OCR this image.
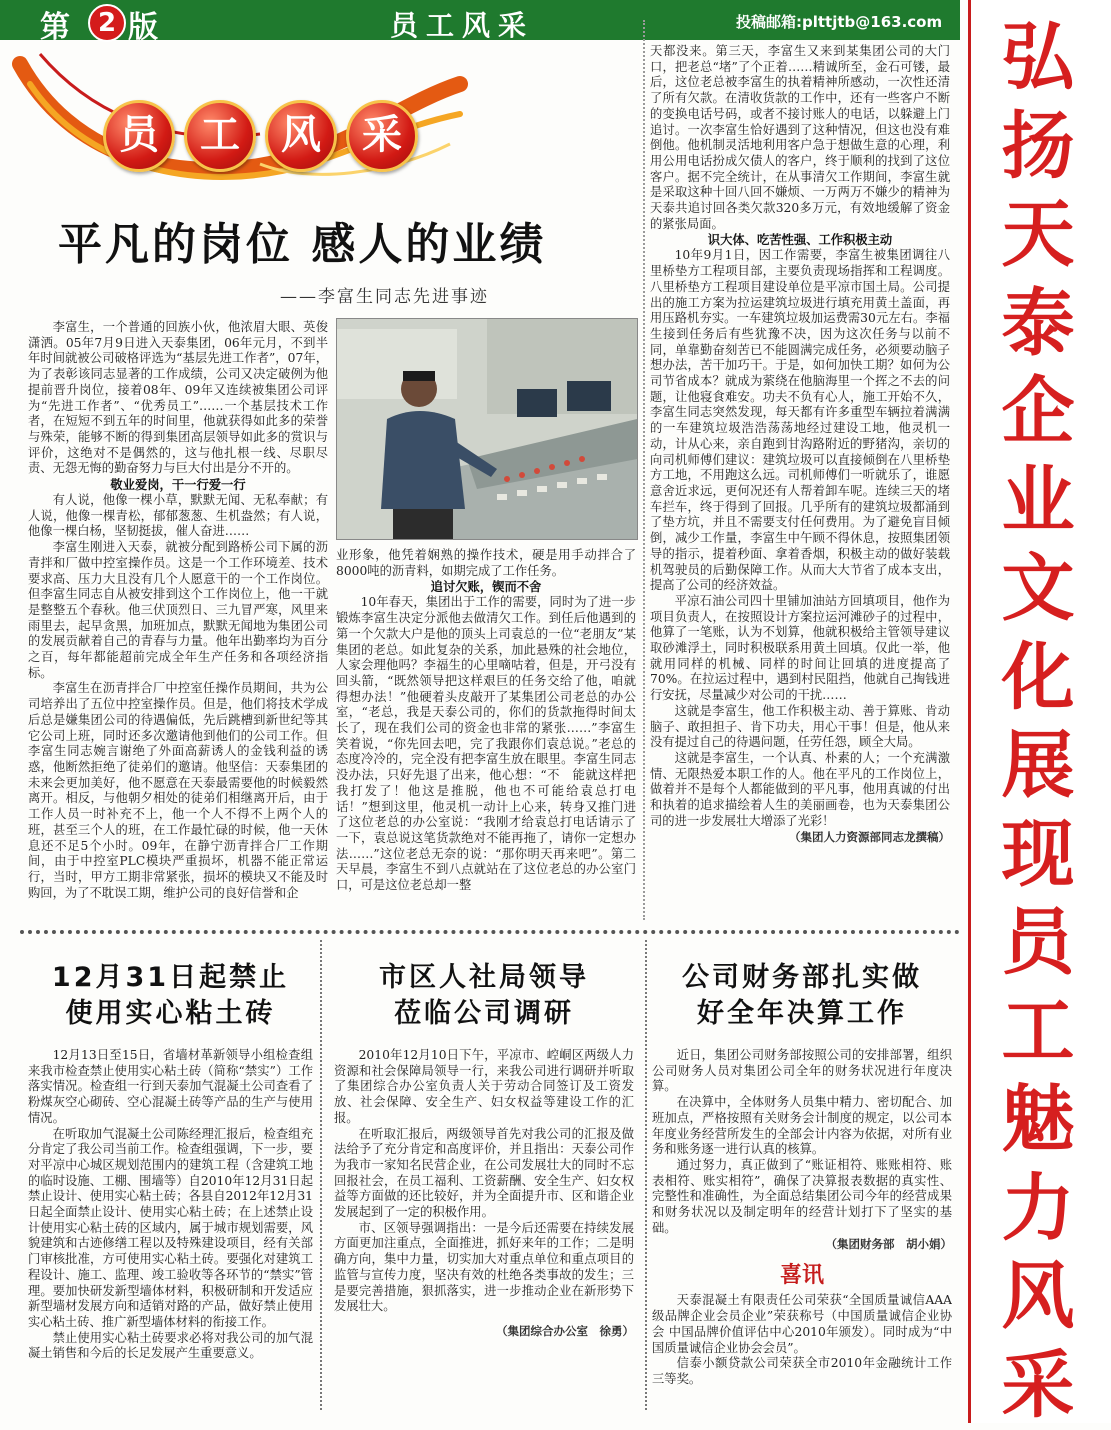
第 2 版	员工风采	投稿邮箱:plttjtb@163.com 弘扬天泰企业文化 展现员工魅力风采
员	工	风	采
平凡的岗位 感人的业绩
——李富生同志先进事迹

李富生，一个普通的回族小伙，他浓眉大眼、英俊潇洒。05年7月9日进入天泰集团，06年元月，不到半年时间就被公司破格评选为“基层先进工作者”，07年，为了表彰该同志显著的工作成绩，公司又决定破例为他提前晋升岗位，接着08年、09年又连续被集团公司评为“先进工作者”、“优秀员工”……一个基层技术工作者，在短短不到五年的时间里，他就获得如此多的荣誉与殊荣，能够不断的得到集团高层领导如此多的赏识与评价，这绝对不是偶然的，这与他扎根一线、尽职尽责、无怨无悔的勤奋努力与巨大付出是分不开的。

敬业爱岗，干一行爱一行

有人说，他像一棵小草，默默无闻、无私奉献；有人说，他像一棵青松，郁郁葱葱、生机盎然；有人说，他像一棵白杨，坚韧挺拔，催人奋进……

李富生刚进入天泰，就被分配到路桥公司下属的沥青拌和厂做中控室操作员。这是一个工作环境差、技术要求高、压力大且没有几个人愿意干的一个工作岗位。但李富生同志自从被安排到这个工作岗位上，他一干就是整整五个春秋。他三伏顶烈日、三九冒严寒，风里来雨里去，起早贪黑，加班加点，默默无闻地为集团公司的发展贡献着自己的青春与力量。他年出勤率均为百分之百，每年都能超前完成全年生产任务和各项经济指标。

李富生在沥青拌合厂中控室任操作员期间，共为公司培养出了五位中控室操作员。但是，他们将技术学成后总是嫌集团公司的待遇偏低，先后跳槽到新世纪等其它公司上班，同时还多次邀请他到他们的公司工作。但李富生同志婉言谢绝了外面高薪诱人的金钱利益的诱惑，他断然拒绝了徒弟们的邀请。他坚信：天泰集团的未来会更加美好，他不愿意在天泰最需要他的时候毅然离开。相反，与他朝夕相处的徒弟们相继离开后，由于工作人员一时补充不上，他一个人不得不上两个人的班，甚至三个人的班，在工作最忙碌的时候，他一天休息还不足5个小时。09年，在静宁沥青拌合厂工作期间，由于中控室PLC模块严重损坏，机器不能正常运行，当时，甲方工期非常紧张，损坏的模块又不能及时购回，为了不耽误工期，维护公司的良好信誉和企

业形象，他凭着娴熟的操作技术，硬是用手动拌合了8000吨的沥青料，如期完成了工作任务。

追讨欠账，锲而不舍

10年春天，集团出于工作的需要，同时为了进一步锻炼李富生决定分派他去做清欠工作。到任后他遇到的第一个欠款大户是他的顶头上司袁总的一位“老朋友”某集团的老总。如此复杂的关系，加此悬殊的社会地位，人家会理他吗？李福生的心里嘀咕着，但是，开弓没有回头箭，“既然领导把这样艰巨的任务交给了他，咱就得想办法！”他硬着头皮敲开了某集团公司老总的办公室，“老总，我是天泰公司的，你们的货款拖得时间太长了，现在我们公司的资金也非常的紧张……”李富生笑着说，“你先回去吧，完了我跟你们袁总说。”老总的态度冷冷的，完全没有把李富生放在眼里。李富生同志没办法，只好先退了出来，他心想：“不　能就这样把我打发了！他这是推脱，他也不可能给袁总打电话！”想到这里，他灵机一动计上心来，转身又推门进了这位老总的办公室说：“我刚才给袁总打电话请示了一下，袁总说这笔货款绝对不能再拖了，请你一定想办法……”这位老总无奈的说：“那你明天再来吧”。第二天早晨，李富生不到八点就站在了这位老总的办公室门口，可是这位老总却一整

天都没来。第三天，李富生又来到某集团公司的大门口，把老总“堵”了个正着……精诚所至，金石可镂，最后，这位老总被李富生的执着精神所感动，一次性还清了所有欠款。在清收货款的工作中，还有一些客户不断的变换电话号码，或者不接讨账人的电话，以躲避上门追讨。一次李富生恰好遇到了这种情况，但这也没有难倒他。他机制灵活地利用客户急于想做生意的心理，利用公用电话扮成欠债人的客户，终于顺利的找到了这位客户。据不完全统计，在从事清欠工作期间，李富生就是采取这种十回八回不嫌烦、一万两万不嫌少的精神为天泰共追讨回各类欠款320多万元，有效地缓解了资金的紧张局面。

识大体、吃苦性强、工作积极主动

10年9月1日，因工作需要，李富生被集团调往八里桥垫方工程项目部，主要负责现场指挥和工程调度。八里桥垫方工程项目建设单位是平凉市国土局。公司提出的施工方案为拉运建筑垃圾进行填充用黄土盖面，再用压路机夯实。一车建筑垃圾加运费需30元左右。李福生接到任务后有些犹豫不决，因为这次任务与以前不同，单靠勤奋刻苦已不能圆满完成任务，必须要动脑子想办法，苦干加巧干。于是，如何加快工期？如何为公司节省成本？就成为萦绕在他脑海里一个挥之不去的问题，让他寝食难安。功夫不负有心人，施工开始不久，李富生同志突然发现，每天都有许多重型车辆拉着满满的一车建筑垃圾浩浩荡荡地经过建设工地，他灵机一动，计从心来，亲自跑到甘沟路附近的野猪沟，亲切的向司机师傅们建议：建筑垃圾可以直接倾倒在八里桥垫方工地，不用跑这么远。司机师傅们一听就乐了，谁愿意舍近求远，更何况还有人帮着卸车呢。连续三天的堵车拦车，终于得到了回报。几乎所有的建筑垃圾都涌到了垫方坑，并且不需要支付任何费用。为了避免盲目倾倒，减少工作量，李富生中午顾不得休息，按照集团领导的指示，提着秒面、拿着香烟，积极主动的做好装载机驾驶员的后勤保障工作。从而大大节省了成本支出，提高了公司的经济效益。

平凉石油公司四十里铺加油站方回填项目，他作为项目负责人，在按照设计方案拉运河滩砂子的过程中，他算了一笔账，认为不划算，他就积极给主管领导建议取砂滩浮土，同时积极联系用黄土回填。仅此一举，他就用同样的机械、同样的时间让回填的进度提高了70%。在拉运过程中，遇到村民阻挡，他就自己掏钱进行安抚，尽量减少对公司的干扰……

这就是李富生，他工作积极主动、善于算账、肯动脑子、敢担担子、肯下功夫，用心干事！但是，他从来没有提过自己的待遇问题，任劳任怨，顾全大局。

这就是李富生，一个认真、朴素的人；一个充满激情、无限热爱本职工作的人。他在平凡的工作岗位上，做着并不是每个人都能做到的平凡事，他用真诚的付出和执着的追求描绘着人生的美丽画卷，也为天泰集团公司的进一步发展壮大增添了光彩！

（集团人力资源部同志龙撰稿）

12月31日起禁止

使用实心粘土砖

12月13日至15日，省墙材革新领导小组检查组来我市检查禁止使用实心粘土砖（简称“禁实”）工作落实情况。检查组一行到天泰加气混凝土公司查看了粉煤灰空心砌砖、空心混凝土砖等产品的生产与使用情况。

在听取加气混凝土公司陈经理汇报后，检查组充分肯定了我公司当前工作。检查组强调，下一步，要对平凉中心城区规划范围内的建筑工程（含建筑工地的临时设施、工棚、围墙等）自2010年12月31日起禁止设计、使用实心粘土砖；各县自2012年12月31日起全面禁止设计、使用实心粘土砖；在上述禁止设计使用实心粘土砖的区域内，属于城市规划需要，风貌建筑和古迹修缮工程以及特殊建设项目，经有关部门审核批准，方可使用实心粘土砖。要强化对建筑工程设计、施工、监理、竣工验收等各环节的“禁实”管理。要加快研发新型墙体材料，积极研制和开发适应新型墙材发展方向和适销对路的产品，做好禁止使用实心粘土砖、推广新型墙体材料的衔接工作。

禁止使用实心粘土砖要求必将对我公司的加气混凝土销售和今后的长足发展产生重要意义。

市区人社局领导

莅临公司调研

2010年12月10日下午，平凉市、崆峒区两级人力资源和社会保障局领导一行，来我公司进行调研并听取了集团综合办公室负责人关于劳动合同签订及工资发放、社会保障、安全生产、妇女权益等建设工作的汇报。

在听取汇报后，两级领导首先对我公司的汇报及做法给予了充分肯定和高度评价，并且指出：天泰公司作为我市一家知名民营企业，在公司发展壮大的同时不忘回报社会，在员工福利、工资薪酬、安全生产、妇女权益等方面做的还比较好，并为全面提升市、区和谐企业发展起到了一定的积极作用。

市、区领导强调指出：一是今后还需要在持续发展方面更加注重点，全面推进，抓好来年的工作；二是明确方向，集中力量，切实加大对重点单位和重点项目的监管与宣传力度，坚决有效的杜绝各类事故的发生；三是要完善措施，狠抓落实，进一步推动企业在新形势下发展壮大。

（集团综合办公室　徐勇）

公司财务部扎实做

好全年决算工作

近日，集团公司财务部按照公司的安排部署，组织公司财务人员对集团公司全年的财务状况进行年度决算。

在决算中，全体财务人员集中精力、密切配合、加班加点，严格按照有关财务会计制度的规定，以公司本年度业务经营所发生的全部会计内容为依据，对所有业务和账务逐一进行认真的核算。

通过努力，真正做到了“账证相符、账账相符、账表相符、账实相符”，确保了决算报表数据的真实性、完整性和准确性，为全面总结集团公司今年的经营成果和财务状况以及制定明年的经营计划打下了坚实的基础。

（集团财务部　胡小娟）

喜讯

天泰混凝土有限责任公司荣获“全国质量诚信AAA级品牌企业会员企业”荣获称号（中国质量诚信企业协会 中国品牌价值评估中心2010年颁发）。同时成为“中国质量诚信企业协会会员”。

信泰小额贷款公司荣获全市2010年金融统计工作三等奖。
